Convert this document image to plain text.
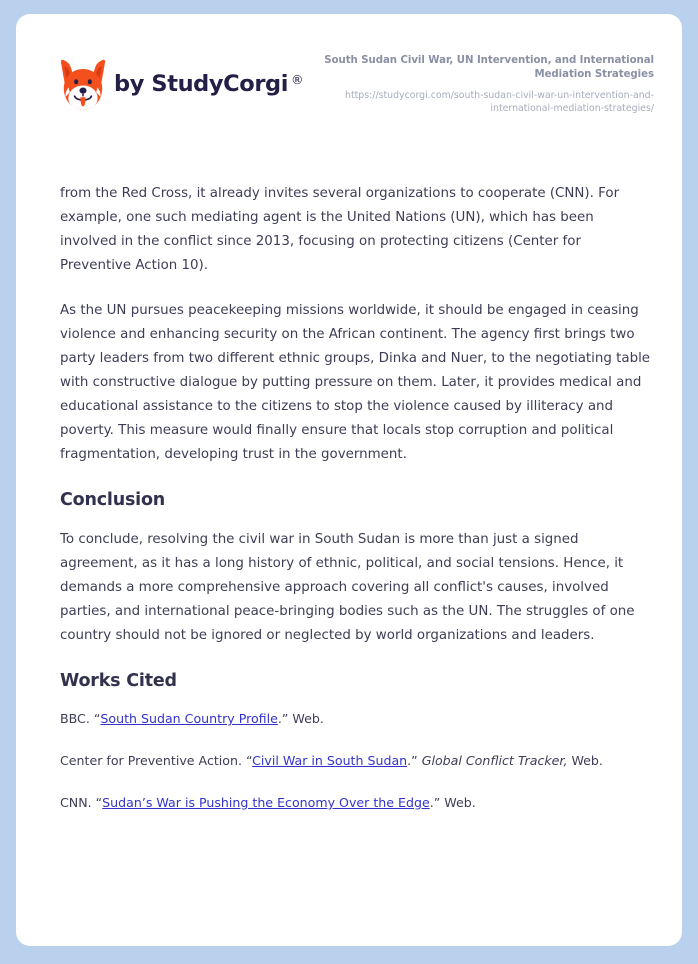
by StudyCorgi ®
South Sudan Civil War, UN Intervention, and International Mediation Strategies
https://studycorgi.com/south-sudan-civil-war-un-intervention-and-international-mediation-strategies/

from the Red Cross, it already invites several organizations to cooperate (CNN). For example, one such mediating agent is the United Nations (UN), which has been involved in the conflict since 2013, focusing on protecting citizens (Center for Preventive Action 10).

As the UN pursues peacekeeping missions worldwide, it should be engaged in ceasing violence and enhancing security on the African continent. The agency first brings two party leaders from two different ethnic groups, Dinka and Nuer, to the negotiating table with constructive dialogue by putting pressure on them. Later, it provides medical and educational assistance to the citizens to stop the violence caused by illiteracy and poverty. This measure would finally ensure that locals stop corruption and political fragmentation, developing trust in the government.

Conclusion

To conclude, resolving the civil war in South Sudan is more than just a signed agreement, as it has a long history of ethnic, political, and social tensions. Hence, it demands a more comprehensive approach covering all conflict's causes, involved parties, and international peace-bringing bodies such as the UN. The struggles of one country should not be ignored or neglected by world organizations and leaders.

Works Cited

BBC. “South Sudan Country Profile.” Web.

Center for Preventive Action. “Civil War in South Sudan.” Global Conflict Tracker, Web.

CNN. “Sudan’s War is Pushing the Economy Over the Edge.” Web.
